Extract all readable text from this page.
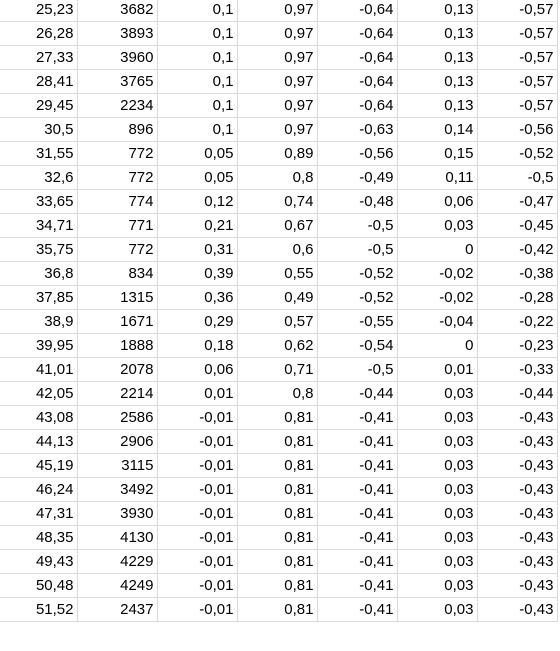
25,23	3682	0,1	0,97	-0,64	0,13	-0,57
26,28	3893	0,1	0,97	-0,64	0,13	-0,57
27,33	3960	0,1	0,97	-0,64	0,13	-0,57
28,41	3765	0,1	0,97	-0,64	0,13	-0,57
29,45	2234	0,1	0,97	-0,64	0,13	-0,57
30,5	896	0,1	0,97	-0,63	0,14	-0,56
31,55	772	0,05	0,89	-0,56	0,15	-0,52
32,6	772	0,05	0,8	-0,49	0,11	-0,5
33,65	774	0,12	0,74	-0,48	0,06	-0,47
34,71	771	0,21	0,67	-0,5	0,03	-0,45
35,75	772	0,31	0,6	-0,5	0	-0,42
36,8	834	0,39	0,55	-0,52	-0,02	-0,38
37,85	1315	0,36	0,49	-0,52	-0,02	-0,28
38,9	1671	0,29	0,57	-0,55	-0,04	-0,22
39,95	1888	0,18	0,62	-0,54	0	-0,23
41,01	2078	0,06	0,71	-0,5	0,01	-0,33
42,05	2214	0,01	0,8	-0,44	0,03	-0,44
43,08	2586	-0,01	0,81	-0,41	0,03	-0,43
44,13	2906	-0,01	0,81	-0,41	0,03	-0,43
45,19	3115	-0,01	0,81	-0,41	0,03	-0,43
46,24	3492	-0,01	0,81	-0,41	0,03	-0,43
47,31	3930	-0,01	0,81	-0,41	0,03	-0,43
48,35	4130	-0,01	0,81	-0,41	0,03	-0,43
49,43	4229	-0,01	0,81	-0,41	0,03	-0,43
50,48	4249	-0,01	0,81	-0,41	0,03	-0,43
51,52	2437	-0,01	0,81	-0,41	0,03	-0,43
